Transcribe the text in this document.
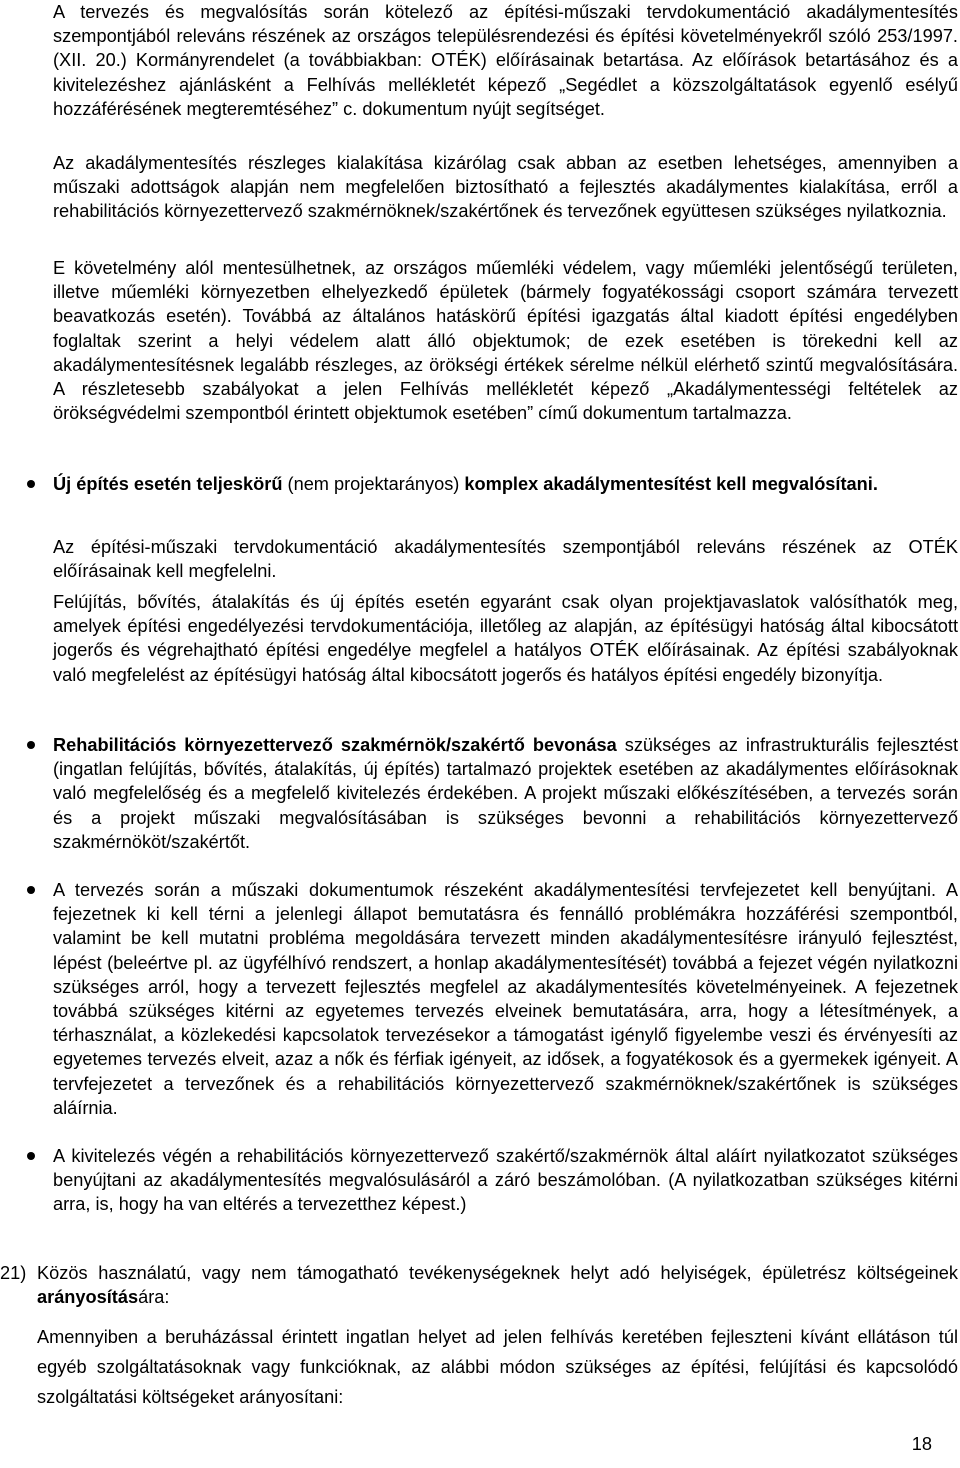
A tervezés és megvalósítás során kötelező az építési-műszaki tervdokumentáció akadálymentesítés szempontjából releváns részének az országos településrendezési és építési követelményekről szóló 253/1997. (XII. 20.) Kormányrendelet (a továbbiakban: OTÉK) előírásainak betartása. Az előírások betartásához és a kivitelezéshez ajánlásként a Felhívás mellékletét képező „Segédlet a közszolgáltatások egyenlő esélyű hozzáférésének megteremtéséhez” c. dokumentum nyújt segítséget.

Az akadálymentesítés részleges kialakítása kizárólag csak abban az esetben lehetséges, amennyiben a műszaki adottságok alapján nem megfelelően biztosítható a fejlesztés akadálymentes kialakítása, erről a rehabilitációs környezettervező szakmérnöknek/szakértőnek és tervezőnek együttesen szükséges nyilatkoznia.

E követelmény alól mentesülhetnek, az országos műemléki védelem, vagy műemléki jelentőségű területen, illetve műemléki környezetben elhelyezkedő épületek (bármely fogyatékossági csoport számára tervezett beavatkozás esetén). Továbbá az általános hatáskörű építési igazgatás által kiadott építési engedélyben foglaltak szerint a helyi védelem alatt álló objektumok; de ezek esetében is törekedni kell az akadálymentesítésnek legalább részleges, az örökségi értékek sérelme nélkül elérhető szintű megvalósítására. A részletesebb szabályokat a jelen Felhívás mellékletét képező „Akadálymentességi feltételek az örökségvédelmi szempontból érintett objektumok esetében” című dokumentum tartalmazza.

Új építés esetén teljeskörű (nem projektarányos) komplex akadálymentesítést kell megvalósítani.

Az építési-műszaki tervdokumentáció akadálymentesítés szempontjából releváns részének az OTÉK előírásainak kell megfelelni.

Felújítás, bővítés, átalakítás és új építés esetén egyaránt csak olyan projektjavaslatok valósíthatók meg, amelyek építési engedélyezési tervdokumentációja, illetőleg az alapján, az építésügyi hatóság által kibocsátott jogerős és végrehajtható építési engedélye megfelel a hatályos OTÉK előírásainak. Az építési szabályoknak való megfelelést az építésügyi hatóság által kibocsátott jogerős és hatályos építési engedély bizonyítja.

Rehabilitációs környezettervező szakmérnök/szakértő bevonása szükséges az infrastrukturális fejlesztést (ingatlan felújítás, bővítés, átalakítás, új építés) tartalmazó projektek esetében az akadálymentes előírásoknak való megfelelőség és a megfelelő kivitelezés érdekében. A projekt műszaki előkészítésében, a tervezés során és a projekt műszaki megvalósításában is szükséges bevonni a rehabilitációs környezettervező szakmérnököt/szakértőt.

A tervezés során a műszaki dokumentumok részeként akadálymentesítési tervfejezetet kell benyújtani. A fejezetnek ki kell térni a jelenlegi állapot bemutatásra és fennálló problémákra hozzáférési szempontból, valamint be kell mutatni probléma megoldására tervezett minden akadálymentesítésre irányuló fejlesztést, lépést (beleértve pl. az ügyfélhívó rendszert, a honlap akadálymentesítését) továbbá a fejezet végén nyilatkozni szükséges arról, hogy a tervezett fejlesztés megfelel az akadálymentesítés követelményeinek. A fejezetnek továbbá szükséges kitérni az egyetemes tervezés elveinek bemutatására, arra, hogy a létesítmények, a térhasználat, a közlekedési kapcsolatok tervezésekor a támogatást igénylő figyelembe veszi és érvényesíti az egyetemes tervezés elveit, azaz a nők és férfiak igényeit, az idősek, a fogyatékosok és a gyermekek igényeit. A tervfejezetet a tervezőnek és a rehabilitációs környezettervező szakmérnöknek/szakértőnek is szükséges aláírnia.

A kivitelezés végén a rehabilitációs környezettervező szakértő/szakmérnök által aláírt nyilatkozatot szükséges benyújtani az akadálymentesítés megvalósulásáról a záró beszámolóban. (A nyilatkozatban szükséges kitérni arra, is, hogy ha van eltérés a tervezetthez képest.)

21) Közös használatú, vagy nem támogatható tevékenységeknek helyt adó helyiségek, épületrész költségeinek arányosítására:

Amennyiben a beruházással érintett ingatlan helyet ad jelen felhívás keretében fejleszteni kívánt ellátáson túl egyéb szolgáltatásoknak vagy funkcióknak, az alábbi módon szükséges az építési, felújítási és kapcsolódó szolgáltatási költségeket arányosítani:

18
